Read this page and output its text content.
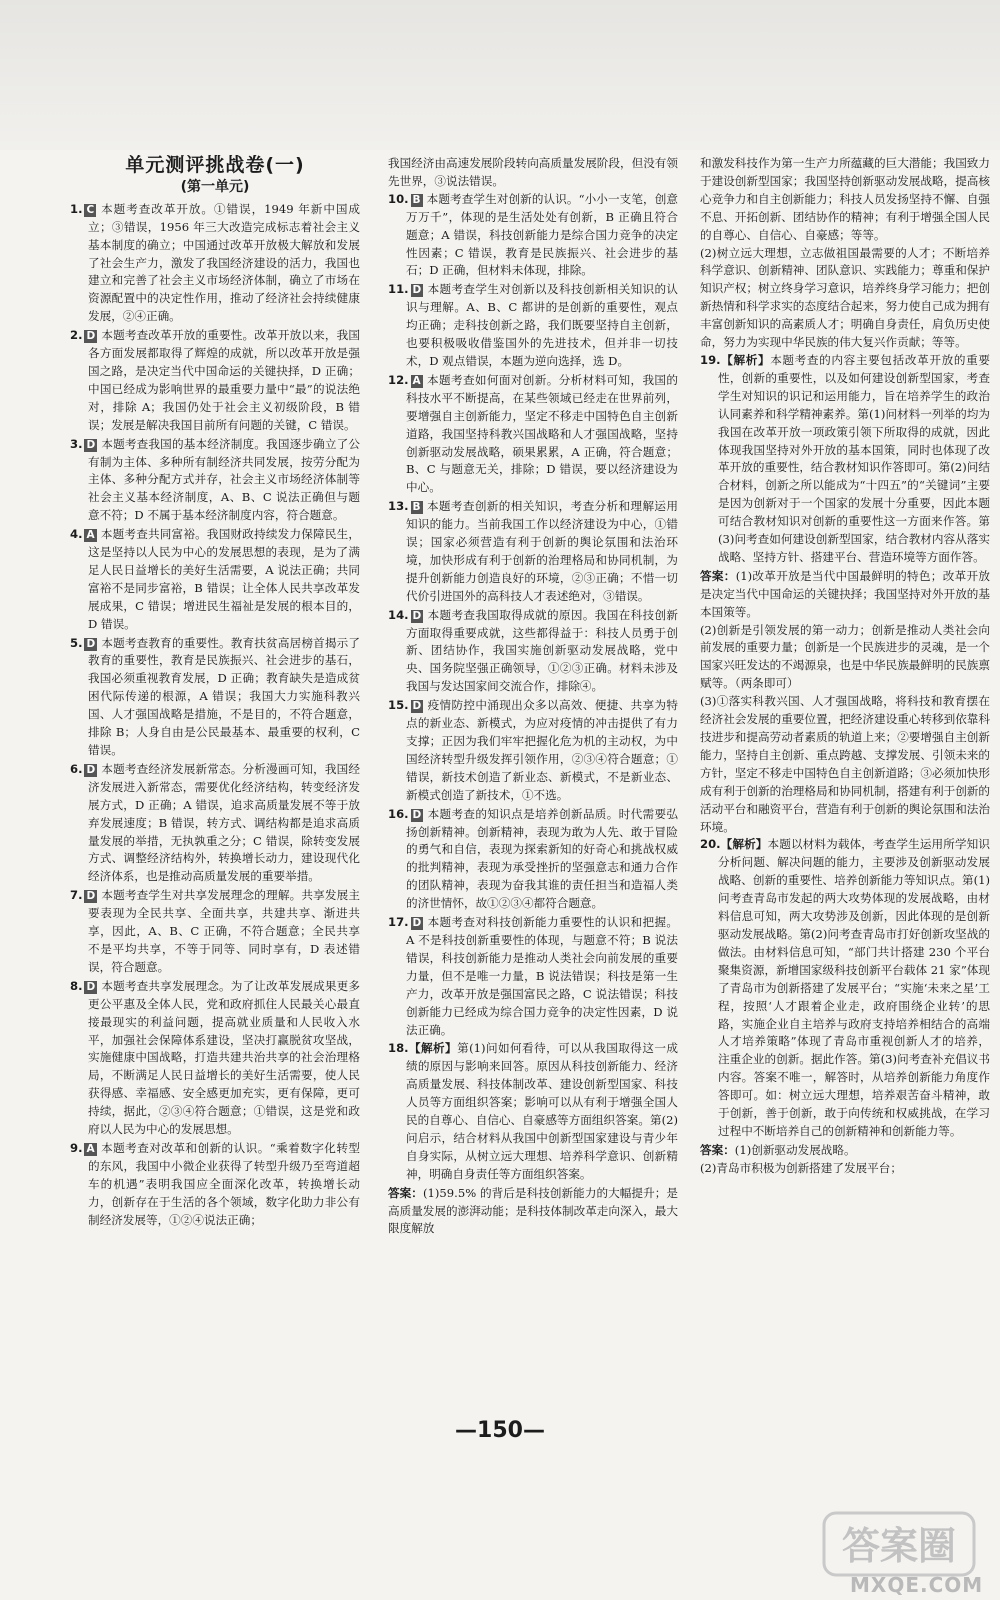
单元测评挑战卷(一)
(第一单元)
1. C 本题考查改革开放。①错误，1949 年新中国成立；③错误，1956 年三大改造完成标志着社会主义基本制度的确立；中国通过改革开放极大解放和发展了社会生产力，激发了我国经济建设的活力，我国也建立和完善了社会主义市场经济体制，确立了市场在资源配置中的决定性作用，推动了经济社会持续健康发展，②④正确。
2. D 本题考查改革开放的重要性。改革开放以来，我国各方面发展都取得了辉煌的成就，所以改革开放是强国之路，是决定当代中国命运的关键抉择，D 正确；中国已经成为影响世界的最重要力量中“最”的说法绝对，排除 A；我国仍处于社会主义初级阶段，B 错误；发展是解决我国目前所有问题的关键，C 错误。
3. D 本题考查我国的基本经济制度。我国逐步确立了公有制为主体、多种所有制经济共同发展，按劳分配为主体、多种分配方式并存，社会主义市场经济体制等社会主义基本经济制度，A、B、C 说法正确但与题意不符；D 不属于基本经济制度内容，符合题意。
4. A 本题考查共同富裕。我国财政持续发力保障民生，这是坚持以人民为中心的发展思想的表现，是为了满足人民日益增长的美好生活需要，A 说法正确；共同富裕不是同步富裕，B 错误；让全体人民共享改革发展成果，C 错误；增进民生福祉是发展的根本目的，D 错误。
5. D 本题考查教育的重要性。教育扶贫高居榜首揭示了教育的重要性，教育是民族振兴、社会进步的基石，我国必须重视教育发展，D 正确；教育缺失是造成贫困代际传递的根源，A 错误；我国大力实施科教兴国、人才强国战略是措施，不是目的，不符合题意，排除 B；人身自由是公民最基本、最重要的权利，C 错误。
6. D 本题考查经济发展新常态。分析漫画可知，我国经济发展进入新常态，需要优化经济结构，转变经济发展方式，D 正确；A 错误，追求高质量发展不等于放弃发展速度；B 错误，转方式、调结构都是追求高质量发展的举措，无执孰重之分；C 错误，除转变发展方式、调整经济结构外，转换增长动力，建设现代化经济体系，也是推动高质量发展的重要举措。
7. D 本题考查学生对共享发展理念的理解。共享发展主要表现为全民共享、全面共享，共建共享、渐进共享，因此，A、B、C 正确，不符合题意；全民共享不是平均共享，不等于同等、同时享有，D 表述错误，符合题意。
8. D 本题考查共享发展理念。为了让改革发展成果更多更公平惠及全体人民，党和政府抓住人民最关心最直接最现实的利益问题，提高就业质量和人民收入水平，加强社会保障体系建设，坚决打赢脱贫攻坚战，实施健康中国战略，打造共建共治共享的社会治理格局，不断满足人民日益增长的美好生活需要，使人民获得感、幸福感、安全感更加充实，更有保障，更可持续，据此，②③④符合题意；①错误，这是党和政府以人民为中心的发展思想。
9. A 本题考查对改革和创新的认识。“乘着数字化转型的东风，我国中小微企业获得了转型升级乃至弯道超车的机遇”表明我国应全面深化改革，转换增长动力，创新存在于生活的各个领域，数字化助力非公有制经济发展等，①②④说法正确；
我国经济由高速发展阶段转向高质量发展阶段，但没有领先世界，③说法错误。
10. B 本题考查学生对创新的认识。“小小一支笔，创意万万千”，体现的是生活处处有创新，B 正确且符合题意；A 错误，科技创新能力是综合国力竞争的决定性因素；C 错误，教育是民族振兴、社会进步的基石；D 正确，但材料未体现，排除。
11. D 本题考查学生对创新以及科技创新相关知识的认识与理解。A、B、C 都讲的是创新的重要性，观点均正确；走科技创新之路，我们既要坚持自主创新，也要积极吸收借鉴国外的先进技术，但并非一切技术，D 观点错误，本题为逆向选择，选 D。
12. A 本题考查如何面对创新。分析材料可知，我国的科技水平不断提高，在某些领域已经走在世界前列，要增强自主创新能力，坚定不移走中国特色自主创新道路，我国坚持科教兴国战略和人才强国战略，坚持创新驱动发展战略，硕果累累，A 正确，符合题意；B、C 与题意无关，排除；D 错误，要以经济建设为中心。
13. B 本题考查创新的相关知识，考查分析和理解运用知识的能力。当前我国工作以经济建设为中心，①错误；国家必须营造有利于创新的舆论氛围和法治环境，加快形成有利于创新的治理格局和协同机制，为提升创新能力创造良好的环境，②③正确；不惜一切代价引进国外的高科技人才表述绝对，③错误。
14. D 本题考查我国取得成就的原因。我国在科技创新方面取得重要成就，这些都得益于：科技人员勇于创新、团结协作，我国实施创新驱动发展战略，党中央、国务院坚强正确领导，①②③正确。材料未涉及我国与发达国家间交流合作，排除④。
15. D 疫情防控中涌现出众多以高效、便捷、共享为特点的新业态、新模式，为应对疫情的冲击提供了有力支撑；正因为我们牢牢把握化危为机的主动权，为中国经济转型升级发挥引领作用，②③④符合题意；①错误，新技术创造了新业态、新模式，不是新业态、新模式创造了新技术，①不选。
16. D 本题考查的知识点是培养创新品质。时代需要弘扬创新精神。创新精神，表现为敢为人先、敢于冒险的勇气和自信，表现为探索新知的好奇心和挑战权威的批判精神，表现为承受挫折的坚强意志和通力合作的团队精神，表现为奋我其谁的责任担当和造福人类的济世情怀，故①②③④都符合题意。
17. D 本题考查对科技创新能力重要性的认识和把握。A 不是科技创新重要性的体现，与题意不符；B 说法错误，科技创新能力是推动人类社会向前发展的重要力量，但不是唯一力量，B 说法错误；科技是第一生产力，改革开放是强国富民之路，C 说法错误；科技创新能力已经成为综合国力竞争的决定性因素，D 说法正确。
18.【解析】第(1)问如何看待，可以从我国取得这一成绩的原因与影响来回答。原因从科技创新能力、经济高质量发展、科技体制改革、建设创新型国家、科技人员等方面组织答案；影响可以从有利于增强全国人民的自尊心、自信心、自豪感等方面组织答案。第(2)问启示，结合材料从我国中创新型国家建设与青少年自身实际，从树立远大理想、培养科学意识、创新精神，明确自身责任等方面组织答案。
答案：(1)59.5% 的背后是科技创新能力的大幅提升；是高质量发展的澎湃动能；是科技体制改革走向深入，最大限度解放
和激发科技作为第一生产力所蕴藏的巨大潜能；我国致力于建设创新型国家；我国坚持创新驱动发展战略，提高核心竞争力和自主创新能力；科技人员发扬坚持不懈、自强不息、开拓创新、团结协作的精神；有利于增强全国人民的自尊心、自信心、自豪感；等等。
(2)树立远大理想，立志做祖国最需要的人才；不断培养科学意识、创新精神、团队意识、实践能力；尊重和保护知识产权；树立终身学习意识，培养终身学习能力；把创新热情和科学求实的态度结合起来，努力使自己成为拥有丰富创新知识的高素质人才；明确自身责任，肩负历史使命，努力为实现中华民族的伟大复兴作贡献；等等。
19.【解析】本题考查的内容主要包括改革开放的重要性，创新的重要性，以及如何建设创新型国家，考查学生对知识的识记和运用能力，旨在培养学生的政治认同素养和科学精神素养。第(1)问材料一列举的均为我国在改革开放一项政策引领下所取得的成就，因此体现我国坚持对外开放的基本国策，同时也体现了改革开放的重要性，结合教材知识作答即可。第(2)问结合材料，创新之所以能成为“十四五”的“关键词”主要是因为创新对于一个国家的发展十分重要，因此本题可结合教材知识对创新的重要性这一方面来作答。第(3)问考查如何建设创新型国家，结合教材内容从落实战略、坚持方针、搭建平台、营造环境等方面作答。
答案：(1)改革开放是当代中国最鲜明的特色；改革开放是决定当代中国命运的关键抉择；我国坚持对外开放的基本国策等。
(2)创新是引领发展的第一动力；创新是推动人类社会向前发展的重要力量；创新是一个民族进步的灵魂，是一个国家兴旺发达的不竭源泉，也是中华民族最鲜明的民族禀赋等。（两条即可）
(3)①落实科教兴国、人才强国战略，将科技和教育摆在经济社会发展的重要位置，把经济建设重心转移到依靠科技进步和提高劳动者素质的轨道上来；②要增强自主创新能力，坚持自主创新、重点跨越、支撑发展、引领未来的方针，坚定不移走中国特色自主创新道路；③必须加快形成有利于创新的治理格局和协同机制，搭建有利于创新的活动平台和融资平台，营造有利于创新的舆论氛围和法治环境。
20.【解析】本题以材料为载体，考查学生运用所学知识分析问题、解决问题的能力，主要涉及创新驱动发展战略、创新的重要性、培养创新能力等知识点。第(1)问考查青岛市发起的两大攻势体现的发展战略，由材料信息可知，两大攻势涉及创新，因此体现的是创新驱动发展战略。第(2)问考查青岛市打好创新攻坚战的做法。由材料信息可知，“部门共计搭建 230 个平台聚集资源，新增国家级科技创新平台载体 21 家”体现了青岛市为创新搭建了发展平台；“实施‘未来之星’工程，按照‘人才跟着企业走，政府围绕企业转’的思路，实施企业自主培养与政府支持培养相结合的高端人才培养策略”体现了青岛市重视创新人才的培养，注重企业的创新。据此作答。第(3)问考查补充倡议书内容。答案不唯一，解答时，从培养创新能力角度作答即可。如：树立远大理想，培养艰苦奋斗精神，敢于创新，善于创新，敢于向传统和权威挑战，在学习过程中不断培养自己的创新精神和创新能力等。
答案：(1)创新驱动发展战略。
(2)青岛市积极为创新搭建了发展平台；
—150—
答案圈
MXQE.COM
